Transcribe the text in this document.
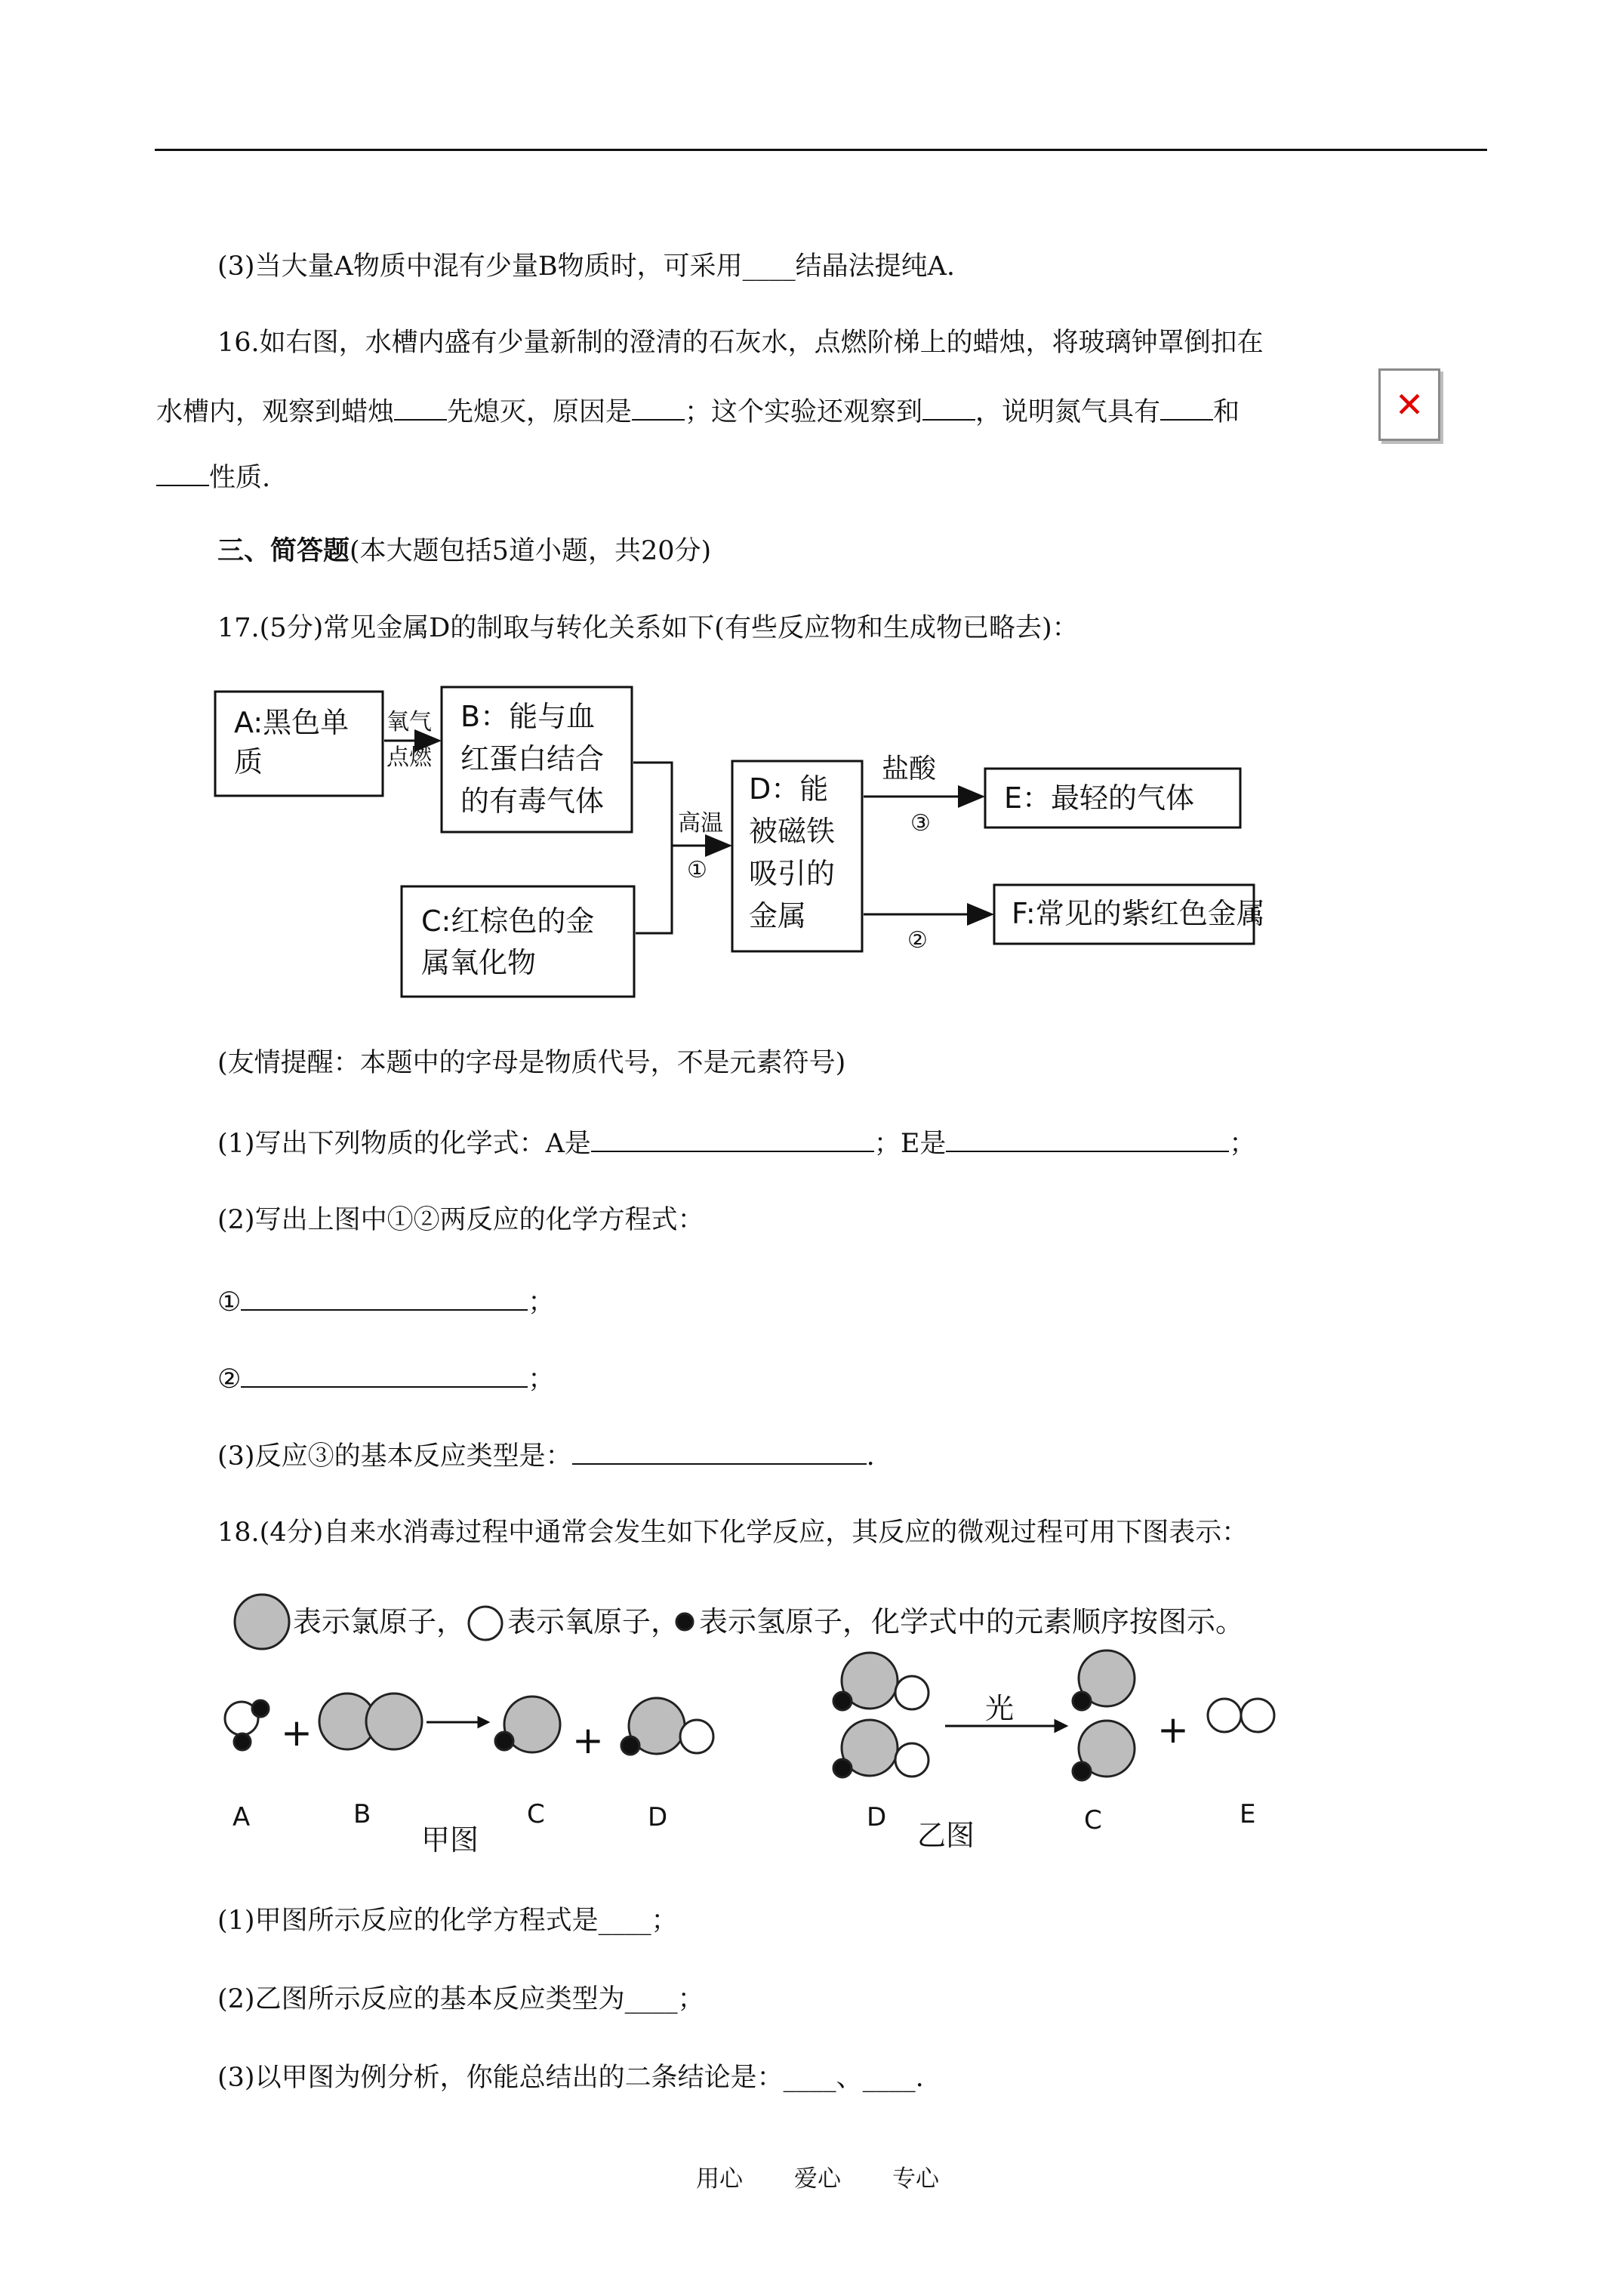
(3)当大量A物质中混有少量B物质时，可采用____结晶法提纯A.
16.如右图，水槽内盛有少量新制的澄清的石灰水，点燃阶梯上的蜡烛，将玻璃钟罩倒扣在
水槽内，观察到蜡烛 先熄灭，原因是 ；这个实验还观察到 ，说明氮气具有 和
性质.
✕
三、简答题(本大题包括5道小题，共20分)
17.(5分)常见金属D的制取与转化关系如下(有些反应物和生成物已略去)：
A:黑色单
质
B：能与血
红蛋白结合
的有毒气体
C:红棕色的金
属氧化物
D：能
被磁铁
吸引的
金属
E：最轻的气体
F:常见的紫红色金属
氧气
点燃
高温
①
盐酸
③
②
(友情提醒：本题中的字母是物质代号，不是元素符号)
(1)写出下列物质的化学式：A是	；E是	；
(2)写出上图中①②两反应的化学方程式：
①	；
②	；
(3)反应③的基本反应类型是：	.
18.(4分)自来水消毒过程中通常会发生如下化学反应，其反应的微观过程可用下图表示：
表示氯原子， 表示氧原子， 表示氢原子，化学式中的元素顺序按图示。
+	+	+
光
A	B	C	D
甲图
D
乙图	C	E
(1)甲图所示反应的化学方程式是____；
(2)乙图所示反应的基本反应类型为____；
(3)以甲图为例分析，你能总结出的二条结论是：____、____.
用心 爱心 专心
